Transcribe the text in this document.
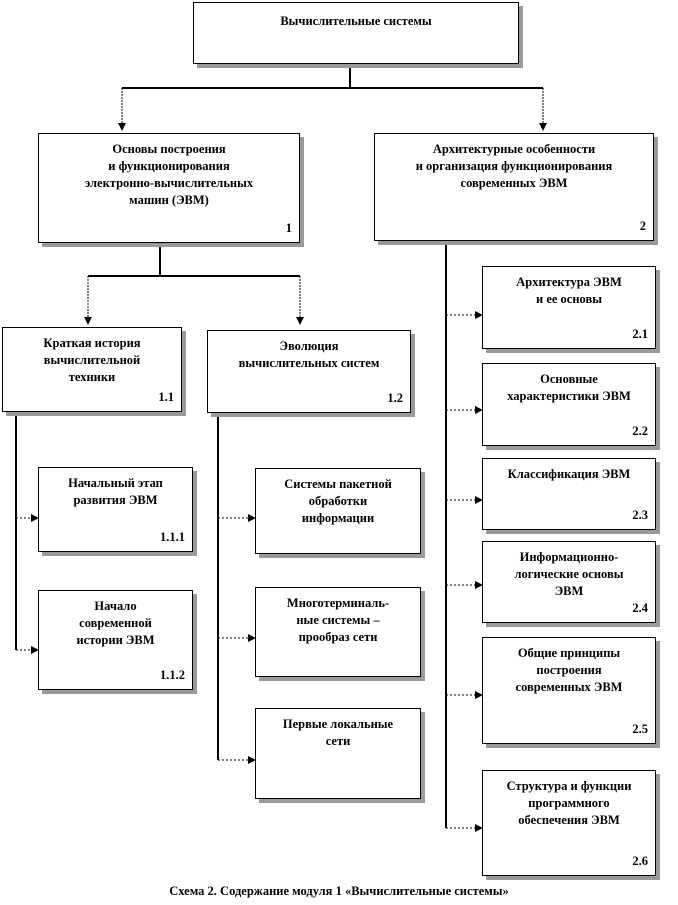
Вычислительные системы
Основы построения
и функционирования
электронно-вычислительных
машин (ЭВМ)
1
Архитектурные особенности
и организация функционирования
современных ЭВМ
2
Краткая история
вычислительной
техники
1.1
Эволюция
вычислительных систем
1.2
Начальный этап
развития ЭВМ
1.1.1
Начало
современной
истории ЭВМ
1.1.2
Системы пакетной
обработки
информации
Многотерминаль-
ные системы –
прообраз сети
Первые локальные
сети
Архитектура ЭВМ
и ее основы
2.1
Основные
характеристики ЭВМ
2.2
Классификация ЭВМ
2.3
Информационно-
логические основы
ЭВМ
2.4
Общие принципы
построения
современных ЭВМ
2.5
Структура и функции
программного
обеспечения ЭВМ
2.6
Схема 2. Содержание модуля 1 «Вычислительные системы»
